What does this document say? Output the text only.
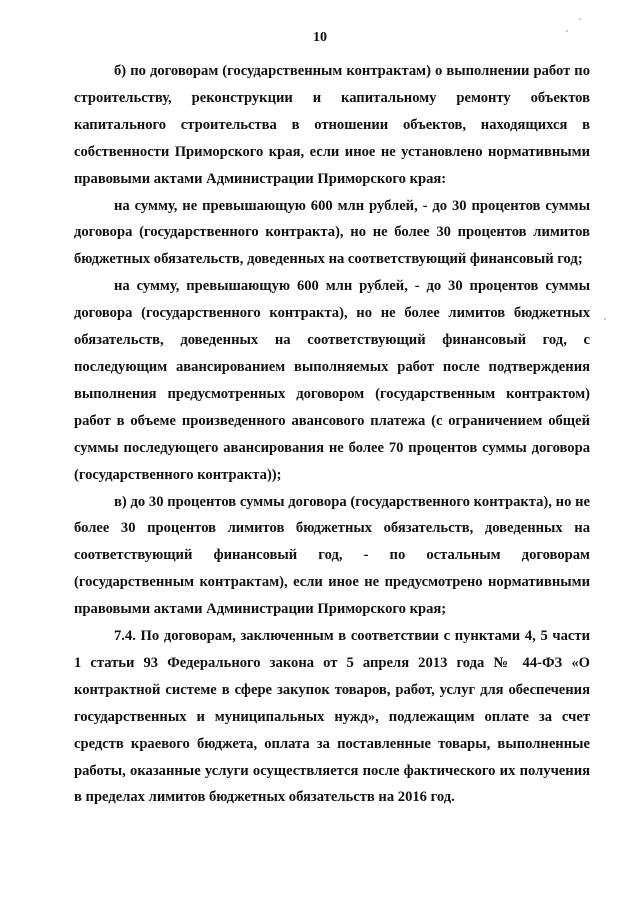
10

б) по договорам (государственным контрактам) о выполнении работ по строительству, реконструкции и капитальному ремонту объектов капитального строительства в отношении объектов, находящихся в собственности Приморского края, если иное не установлено нормативными правовыми актами Администрации Приморского края:

на сумму, не превышающую 600 млн рублей, - до 30 процентов суммы договора (государственного контракта), но не более 30 процентов лимитов бюджетных обязательств, доведенных на соответствующий финансовый год;

на сумму, превышающую 600 млн рублей, - до 30 процентов суммы договора (государственного контракта), но не более лимитов бюджетных обязательств, доведенных на соответствующий финансовый год, с последующим авансированием выполняемых работ после подтверждения выполнения предусмотренных договором (государственным контрактом) работ в объеме произведенного авансового платежа (с ограничением общей суммы последующего авансирования не более 70 процентов суммы договора (государственного контракта));

в) до 30 процентов суммы договора (государственного контракта), но не более 30 процентов лимитов бюджетных обязательств, доведенных на соответствующий финансовый год, - по остальным договорам (государственным контрактам), если иное не предусмотрено нормативными правовыми актами Администрации Приморского края;

7.4. По договорам, заключенным в соответствии с пунктами 4, 5 части 1 статьи 93 Федерального закона от 5 апреля 2013 года № 44-ФЗ «О контрактной системе в сфере закупок товаров, работ, услуг для обеспечения государственных и муниципальных нужд», подлежащим оплате за счет средств краевого бюджета, оплата за поставленные товары, выполненные работы, оказанные услуги осуществляется после фактического их получения в пределах лимитов бюджетных обязательств на 2016 год.
